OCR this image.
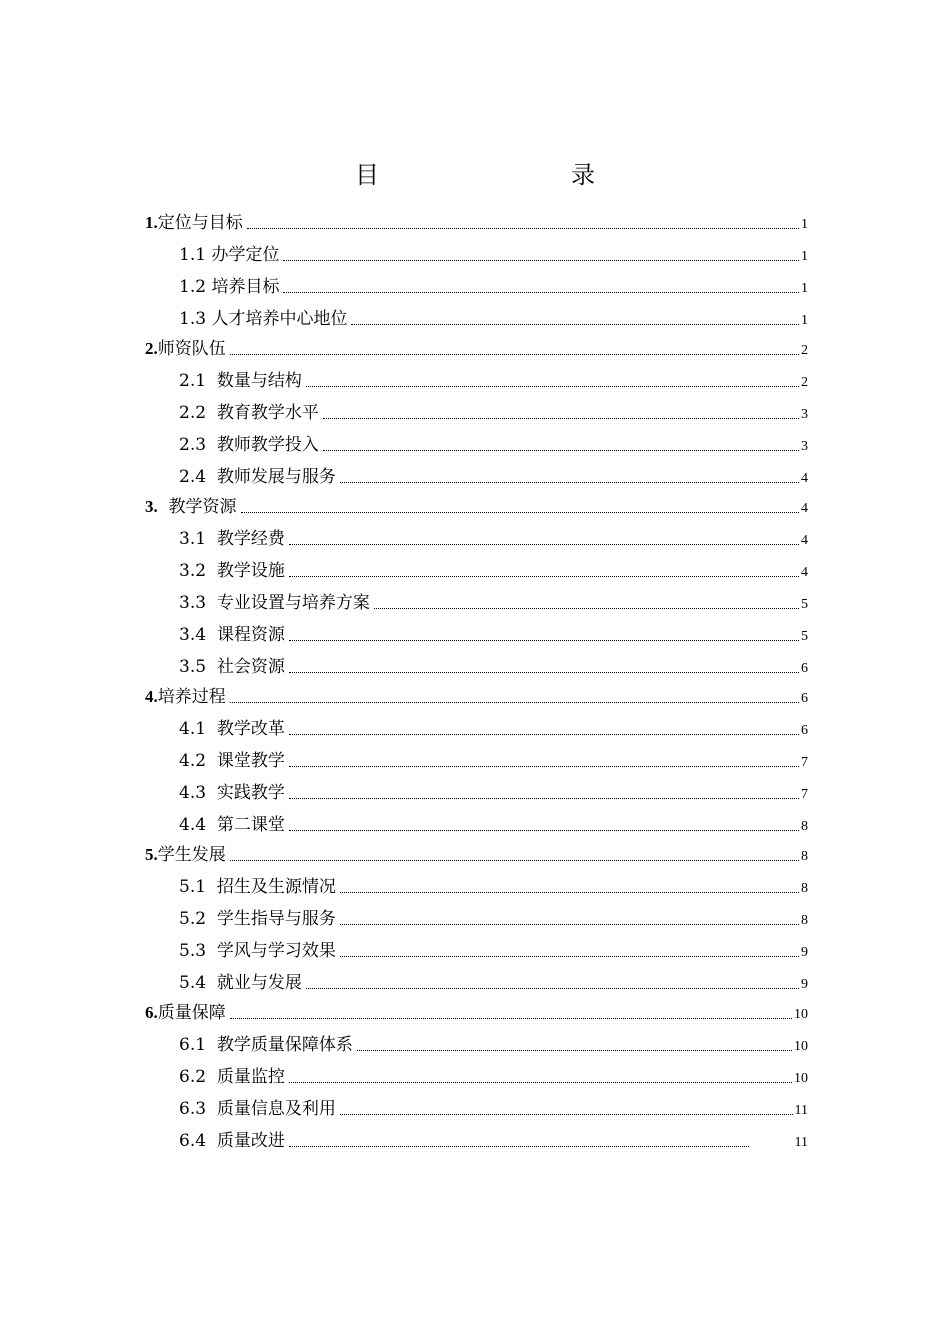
目　　录
1.定位与目标	1
1.1 办学定位	1
1.2 培养目标	1
1.3 人才培养中心地位	1
2.师资队伍	2
2.1  数量与结构	2
2.2  教育教学水平	3
2.3  教师教学投入	3
2.4  教师发展与服务	4
3.  教学资源	4
3.1  教学经费	4
3.2  教学设施	4
3.3  专业设置与培养方案	5
3.4  课程资源	5
3.5  社会资源	6
4.培养过程	6
4.1  教学改革	6
4.2  课堂教学	7
4.3  实践教学	7
4.4  第二课堂	8
5.学生发展	8
5.1  招生及生源情况	8
5.2  学生指导与服务	8
5.3  学风与学习效果	9
5.4  就业与发展	9
6.质量保障	10
6.1  教学质量保障体系	10
6.2  质量监控	10
6.3  质量信息及利用	11
6.4  质量改进	11
